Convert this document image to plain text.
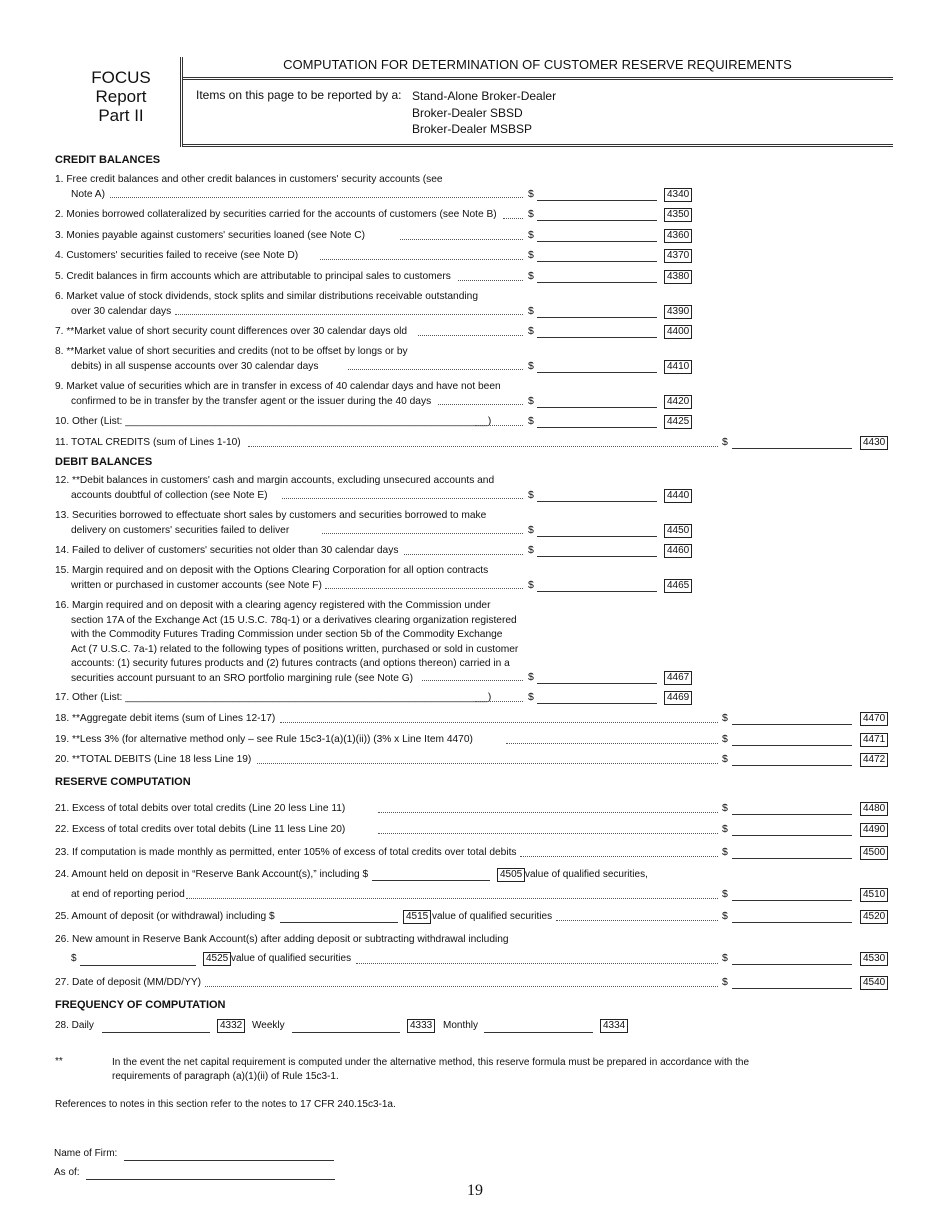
FOCUS
Report
Part II
COMPUTATION FOR DETERMINATION OF CUSTOMER RESERVE REQUIREMENTS
Items on this page to be reported by a: Stand-Alone Broker-Dealer
Broker-Dealer SBSD
Broker-Dealer MSBSP
CREDIT BALANCES
DEBIT BALANCES
RESERVE COMPUTATION
FREQUENCY OF COMPUTATION
1. Free credit balances and other credit balances in customers' security accounts (see
Note A)	$	4340
2. Monies borrowed collateralized by securities carried for the accounts of customers (see Note B)	$	4350
3. Monies payable against customers' securities loaned (see Note C)	$	4360
4. Customers' securities failed to receive (see Note D)	$	4370
5. Credit balances in firm accounts which are attributable to principal sales to customers	$	4380
6. Market value of stock dividends, stock splits and similar distributions receivable outstanding
over 30 calendar days	$	4390
7. **Market value of short security count differences over 30 calendar days old	$	4400
8. **Market value of short securities and credits (not to be offset by longs or by
debits) in all suspense accounts over 30 calendar days	$	4410
9. Market value of securities which are in transfer in excess of 40 calendar days and have not been
confirmed to be in transfer by the transfer agent or the issuer during the 40 days	$	4420
10. Other (List: ________________________________________________________________)	$	4425
11. TOTAL CREDITS (sum of Lines 1-10)	$	4430
12. **Debit balances in customers' cash and margin accounts, excluding unsecured accounts and
accounts doubtful of collection (see Note E)	$	4440
13. Securities borrowed to effectuate short sales by customers and securities borrowed to make
delivery on customers' securities failed to deliver	$	4450
14. Failed to deliver of customers' securities not older than 30 calendar days	$	4460
15. Margin required and on deposit with the Options Clearing Corporation for all option contracts
written or purchased in customer accounts (see Note F)	$	4465
16. Margin required and on deposit with a clearing agency registered with the Commission under
section 17A of the Exchange Act (15 U.S.C. 78q-1) or a derivatives clearing organization registered
with the Commodity Futures Trading Commission under section 5b of the Commodity Exchange
Act (7 U.S.C. 7a-1) related to the following types of positions written, purchased or sold in customer
accounts: (1) security futures products and (2) futures contracts (and options thereon) carried in a
securities account pursuant to an SRO portfolio margining rule (see Note G)	$	4467
17. Other (List: ________________________________________________________________)	$	4469
18. **Aggregate debit items (sum of Lines 12-17)	$	4470
19. **Less 3% (for alternative method only – see Rule 15c3-1(a)(1)(ii)) (3% x Line Item 4470)	$	4471
20. **TOTAL DEBITS (Line 18 less Line 19)	$	4472
21. Excess of total debits over total credits (Line 20 less Line 11)	$	4480
22. Excess of total credits over total debits (Line 11 less Line 20)	$	4490
23. If computation is made monthly as permitted, enter 105% of excess of total credits over total debits	$	4500
24. Amount held on deposit in “Reserve Bank Account(s),” including $	4505 value of qualified securities,
at end of reporting period	$	4510
25. Amount of deposit (or withdrawal) including $	4515 value of qualified securities	$	4520
26. New amount in Reserve Bank Account(s) after adding deposit or subtracting withdrawal including
$	4525 value of qualified securities	$	4530
27. Date of deposit (MM/DD/YY)	$	4540
28. Daily	4332 Weekly	4333	Monthly	4334
**	In the event the net capital requirement is computed under the alternative method, this reserve formula must be prepared in accordance with the requirements of paragraph (a)(1)(ii) of Rule 15c3-1.
References to notes in this section refer to the notes to 17 CFR 240.15c3-1a.
Name of Firm:
As of:
19
